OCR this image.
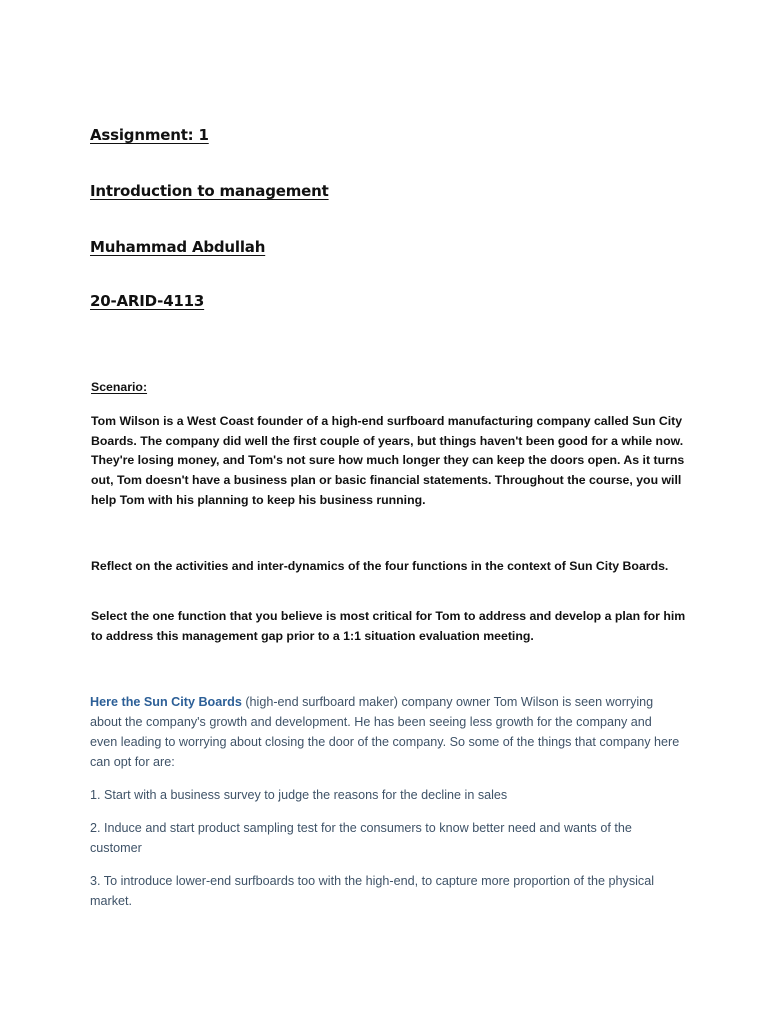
Assignment: 1

Introduction to management

Muhammad Abdullah

20-ARID-4113

Scenario:

Tom Wilson is a West Coast founder of a high-end surfboard manufacturing company called Sun City Boards. The company did well the first couple of years, but things haven't been good for a while now. They're losing money, and Tom's not sure how much longer they can keep the doors open. As it turns out, Tom doesn't have a business plan or basic financial statements. Throughout the course, you will help Tom with his planning to keep his business running.

Reflect on the activities and inter-dynamics of the four functions in the context of Sun City Boards.

Select the one function that you believe is most critical for Tom to address and develop a plan for him to address this management gap prior to a 1:1 situation evaluation meeting.

Here the Sun City Boards (high-end surfboard maker) company owner Tom Wilson is seen worrying about the company's growth and development. He has been seeing less growth for the company and even leading to worrying about closing the door of the company. So some of the things that company here can opt for are:

1. Start with a business survey to judge the reasons for the decline in sales

2. Induce and start product sampling test for the consumers to know better need and wants of the customer

3. To introduce lower-end surfboards too with the high-end, to capture more proportion of the physical market.
